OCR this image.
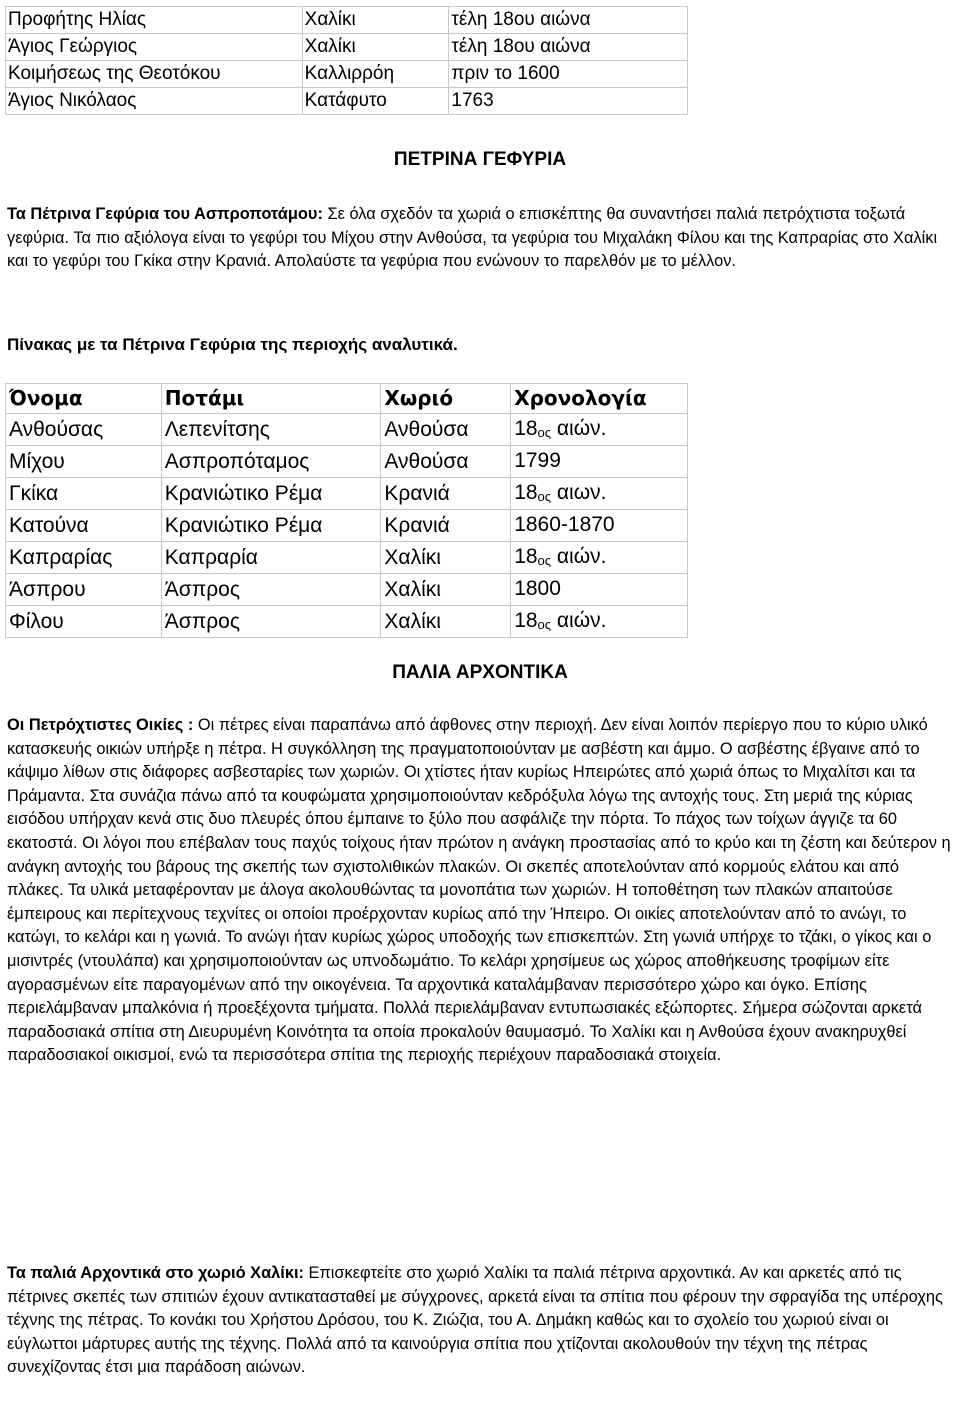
Προφήτης Ηλίας	Χαλίκι	τέλη 18ου αιώνα
Άγιος Γεώργιος	Χαλίκι	τέλη 18ου αιώνα
Κοιμήσεως της Θεοτόκου	Καλλιρρόη	πριν το 1600
Άγιος Νικόλαος	Κατάφυτο	1763
ΠΕΤΡΙΝΑ ΓΕΦΥΡΙΑ
Τα Πέτρινα Γεφύρια του Ασπροποτάμου: Σε όλα σχεδόν τα χωριά ο επισκέπτης θα συναντήσει παλιά πετρόχτιστα τοξωτά γεφύρια. Τα πιο αξιόλογα είναι το γεφύρι του Μίχου στην Ανθούσα, τα γεφύρια του Μιχαλάκη Φίλου και της Καπραρίας στο Χαλίκι και το γεφύρι του Γκίκα στην Κρανιά. Απολαύστε τα γεφύρια που ενώνουν το παρελθόν με το μέλλον.
Πίνακας με τα Πέτρινα Γεφύρια της περιοχής αναλυτικά.
Όνομα	Ποτάμι	Χωριό	Χρονολογία
Ανθούσας	Λεπενίτσης	Ανθούσα	$18_{o\varsigma}$ αιών.
Μίχου	Ασπροπόταμος	Ανθούσα	1799
Γκίκα	Κρανιώτικο Ρέμα	Κρανιά	$18_{o\varsigma}$ αιων.
Κατούνα	Κρανιώτικο Ρέμα	Κρανιά	1860-1870
Καπραρίας	Καπραρία	Χαλίκι	$18_{o\varsigma}$ αιών.
Άσπρου	Άσπρος	Χαλίκι	1800
Φίλου	Άσπρος	Χαλίκι	$18_{o\varsigma}$ αιών.
ΠΑΛΙΑ ΑΡΧΟΝΤΙΚΑ
Οι Πετρόχτιστες Οικίες : Οι πέτρες είναι παραπάνω από άφθονες στην περιοχή. Δεν είναι λοιπόν περίεργο που το κύριο υλικό κατασκευής οικιών υπήρξε η πέτρα. Η συγκόλληση της πραγματοποιούνταν με ασβέστη και άμμο. Ο ασβέστης έβγαινε από το κάψιμο λίθων στις διάφορες ασβεσταρίες των χωριών. Οι χτίστες ήταν κυρίως Ηπειρώτες από χωριά όπως το Μιχαλίτσι και τα Πράμαντα. Στα συνάζια πάνω από τα κουφώματα χρησιμοποιούνταν κεδρόξυλα λόγω της αντοχής τους. Στη μεριά της κύριας εισόδου υπήρχαν κενά στις δυο πλευρές όπου έμπαινε το ξύλο που ασφάλιζε την πόρτα. Το πάχος των τοίχων άγγιζε τα 60 εκατοστά. Οι λόγοι που επέβαλαν τους παχύς τοίχους ήταν πρώτον η ανάγκη προστασίας από το κρύο και τη ζέστη και δεύτερον η ανάγκη αντοχής του βάρους της σκεπής των σχιστολιθικών πλακών. Οι σκεπές αποτελούνταν από κορμούς ελάτου και από πλάκες. Τα υλικά μεταφέρονταν με άλογα ακολουθώντας τα μονοπάτια των χωριών. Η τοποθέτηση των πλακών απαιτούσε έμπειρους και περίτεχνους τεχνίτες οι οποίοι προέρχονταν κυρίως από την Ήπειρο. Οι οικίες αποτελούνταν από το ανώγι, το κατώγι, το κελάρι και η γωνιά. Το ανώγι ήταν κυρίως χώρος υποδοχής των επισκεπτών. Στη γωνιά υπήρχε το τζάκι, ο γίκος και ο μισιντρές (ντουλάπα) και χρησιμοποιούνταν ως υπνοδωμάτιο. Το κελάρι χρησίμευε ως χώρος αποθήκευσης τροφίμων είτε αγορασμένων είτε παραγομένων από την οικογένεια. Τα αρχοντικά καταλάμβαναν περισσότερο χώρο και όγκο. Επίσης περιελάμβαναν μπαλκόνια ή προεξέχοντα τμήματα. Πολλά περιελάμβαναν εντυπωσιακές εξώπορτες. Σήμερα σώζονται αρκετά παραδοσιακά σπίτια στη Διευρυμένη Κοινότητα τα οποία προκαλούν θαυμασμό. Το Χαλίκι και η Ανθούσα έχουν ανακηρυχθεί παραδοσιακοί οικισμοί, ενώ τα περισσότερα σπίτια της περιοχής περιέχουν παραδοσιακά στοιχεία.
Τα παλιά Αρχοντικά στο χωριό Χαλίκι: Επισκεφτείτε στο χωριό Χαλίκι τα παλιά πέτρινα αρχοντικά. Αν και αρκετές από τις πέτρινες σκεπές των σπιτιών έχουν αντικατασταθεί με σύγχρονες, αρκετά είναι τα σπίτια που φέρουν την σφραγίδα της υπέροχης τέχνης της πέτρας. Το κονάκι του Χρήστου Δρόσου, του Κ. Ζιώζια, του Α. Δημάκη καθώς και το σχολείο του χωριού είναι οι εύγλωττοι μάρτυρες αυτής της τέχνης. Πολλά από τα καινούργια σπίτια που χτίζονται ακολουθούν την τέχνη της πέτρας συνεχίζοντας έτσι μια παράδοση αιώνων.
